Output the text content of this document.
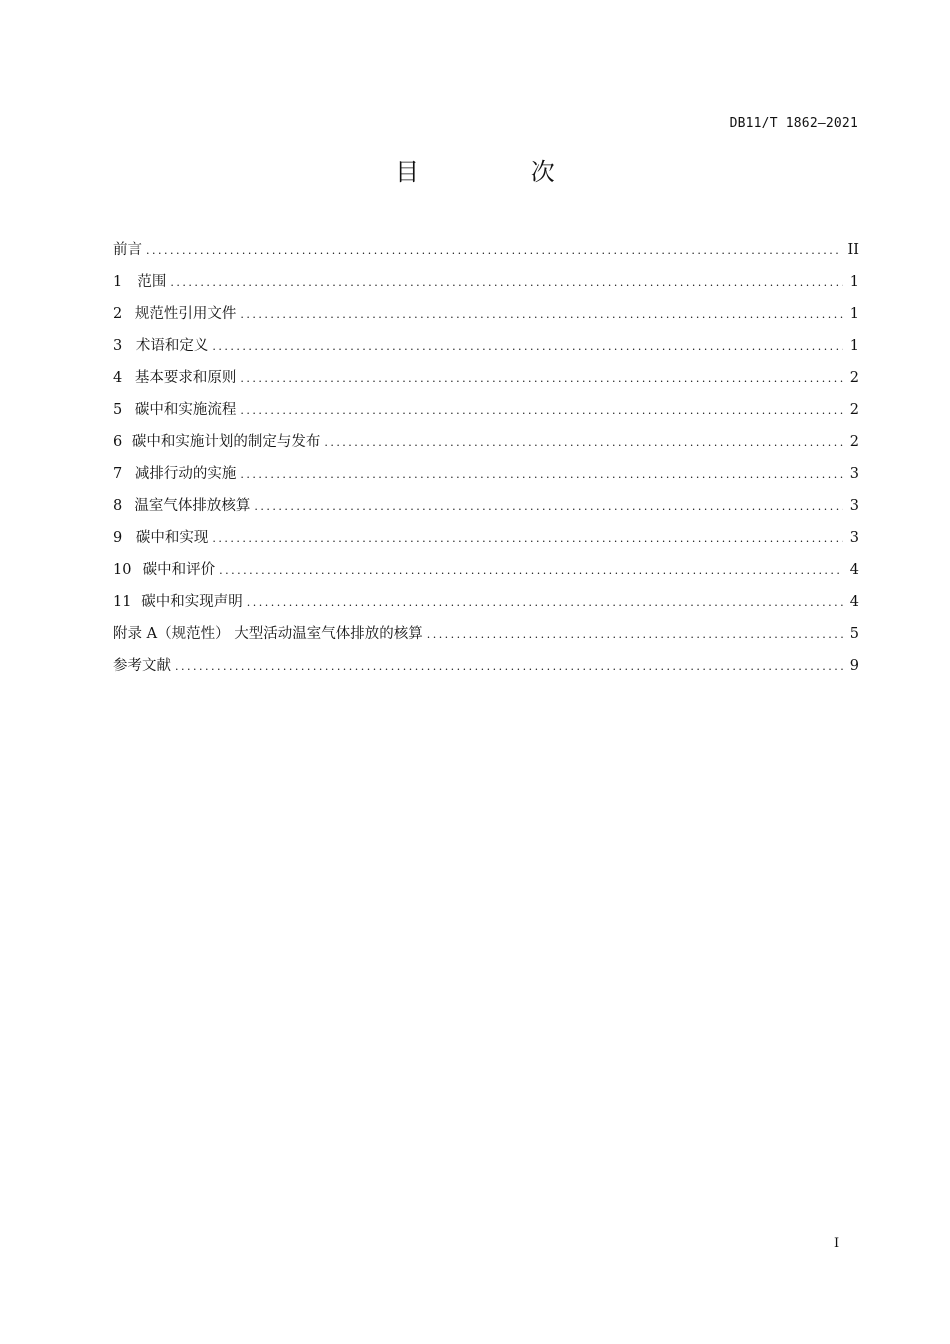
DB11/T 1862—2021
目 次
前言 . . .	II
1	范围 . . .	1
2 规范性引用文件 . . .	1
3 术语和定义 . . .	1
4 基本要求和原则 . . .	2
5 碳中和实施流程 . . .	2
6 碳中和实施计划的制定与发布 . . .	2
7 减排行动的实施 . . .	3
8 温室气体排放核算 . . .	3
9 碳中和实现 . . .	3
10 碳中和评价 . . .	4
11 碳中和实现声明 . . .	4
附录 A（规范性） 大型活动温室气体排放的核算 . . .	5
参考文献 . . .	9
I
